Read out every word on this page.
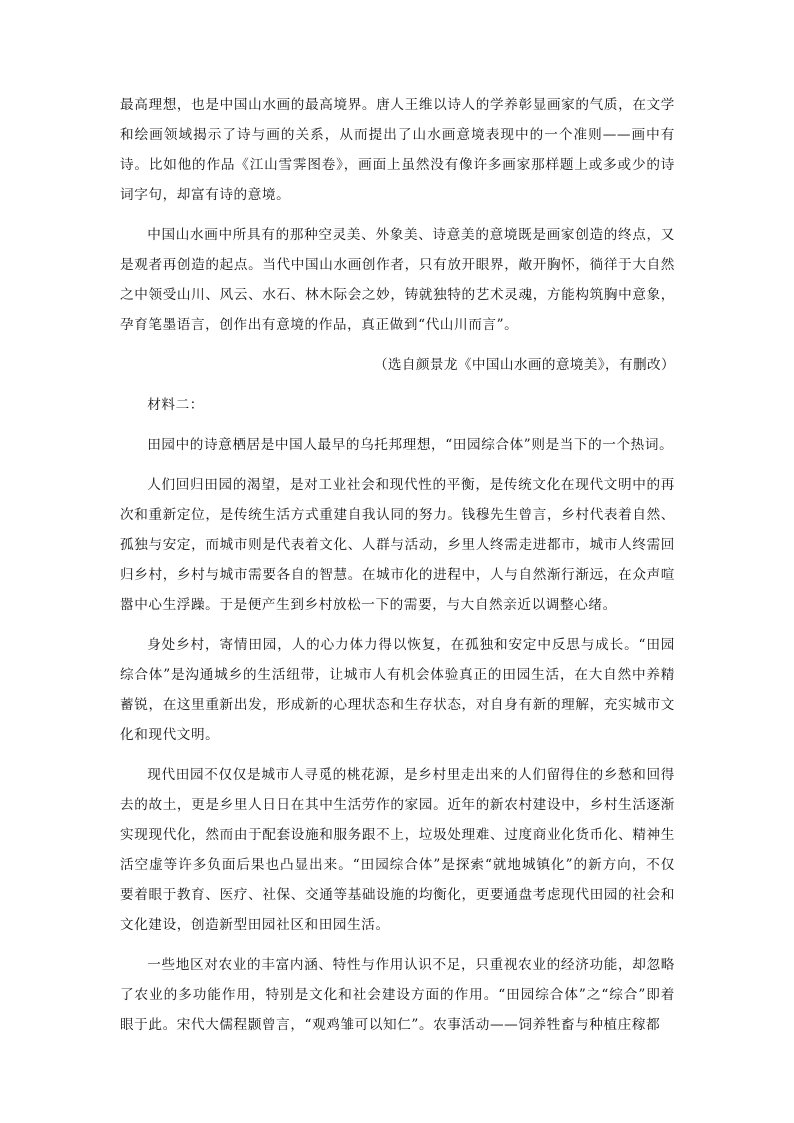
最高理想，也是中国山水画的最高境界。唐人王维以诗人的学养彰显画家的气质，在文学和绘画领域揭示了诗与画的关系，从而提出了山水画意境表现中的一个准则——画中有诗。比如他的作品《江山雪霁图卷》，画面上虽然没有像许多画家那样题上或多或少的诗词字句，却富有诗的意境。

中国山水画中所具有的那种空灵美、外象美、诗意美的意境既是画家创造的终点，又是观者再创造的起点。当代中国山水画创作者，只有放开眼界，敞开胸怀，徜徉于大自然之中领受山川、风云、水石、林木际会之妙，铸就独特的艺术灵魂，方能构筑胸中意象，孕育笔墨语言，创作出有意境的作品，真正做到“代山川而言”。

（选自颜景龙《中国山水画的意境美》，有删改）

材料二：

田园中的诗意栖居是中国人最早的乌托邦理想，“田园综合体”则是当下的一个热词。

人们回归田园的渴望，是对工业社会和现代性的平衡，是传统文化在现代文明中的再次和重新定位，是传统生活方式重建自我认同的努力。钱穆先生曾言，乡村代表着自然、孤独与安定，而城市则是代表着文化、人群与活动，乡里人终需走进都市，城市人终需回归乡村，乡村与城市需要各自的智慧。在城市化的进程中，人与自然渐行渐远，在众声喧嚣中心生浮躁。于是便产生到乡村放松一下的需要，与大自然亲近以调整心绪。

身处乡村，寄情田园，人的心力体力得以恢复，在孤独和安定中反思与成长。“田园综合体”是沟通城乡的生活纽带，让城市人有机会体验真正的田园生活，在大自然中养精蓄锐，在这里重新出发，形成新的心理状态和生存状态，对自身有新的理解，充实城市文化和现代文明。

现代田园不仅仅是城市人寻觅的桃花源，是乡村里走出来的人们留得住的乡愁和回得去的故土，更是乡里人日日在其中生活劳作的家园。近年的新农村建设中，乡村生活逐渐实现现代化，然而由于配套设施和服务跟不上，垃圾处理难、过度商业化货币化、精神生活空虚等许多负面后果也凸显出来。“田园综合体”是探索“就地城镇化”的新方向，不仅要着眼于教育、医疗、社保、交通等基础设施的均衡化，更要通盘考虑现代田园的社会和文化建设，创造新型田园社区和田园生活。

一些地区对农业的丰富内涵、特性与作用认识不足，只重视农业的经济功能，却忽略了农业的多功能作用，特别是文化和社会建设方面的作用。“田园综合体”之“综合”即着眼于此。宋代大儒程颢曾言，“观鸡雏可以知仁”。农事活动——饲养牲畜与种植庄稼都
